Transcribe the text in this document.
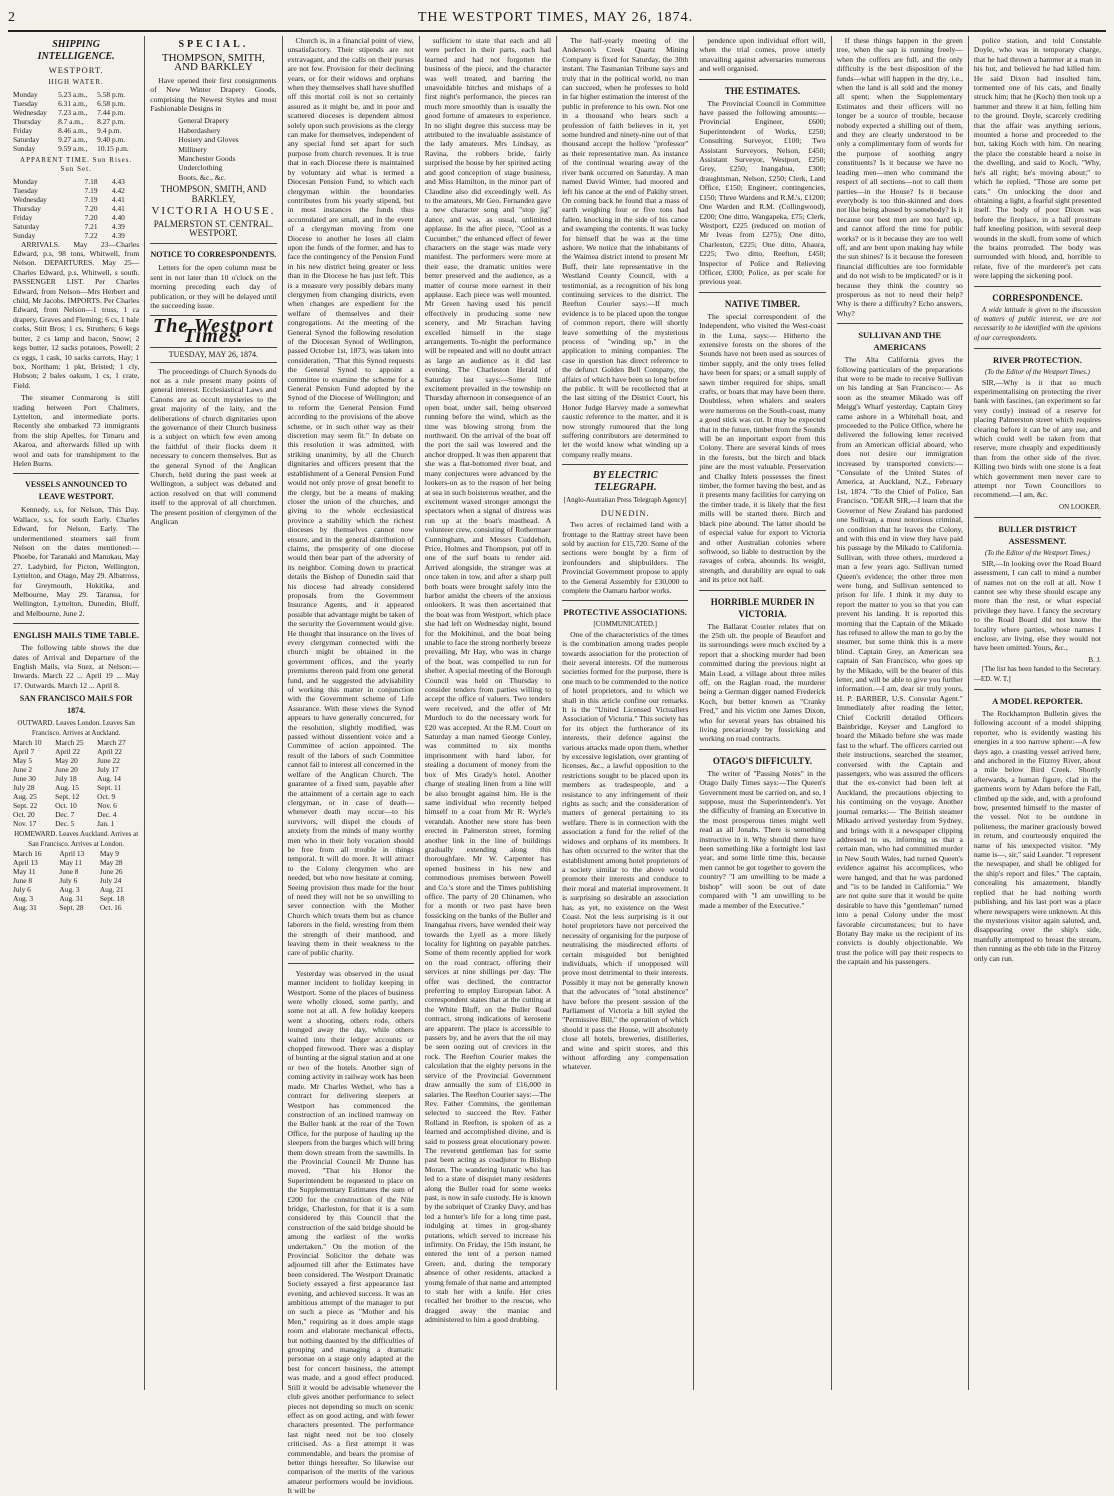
2	THE WESTPORT TIMES, MAY 26, 1874.
SHIPPING INTELLIGENCE.
WESTPORT.
HIGH WATER.
Monday	5.23 a.m.,	5.58 p.m.
Tuesday	6.31 a.m.,	6.58 p.m.
Wednesday	7.23 a.m.,	7.44 p.m.
Thursday	8.7 a.m.,	8.27 p.m.
Friday	8.46 a.m.,	9.4 p.m.
Saturday	9.27 a.m.,	9.40 p.m.
Sunday	9.59 a.m.,	10.15 p.m.
APPARENT TIME. Sun Rises. Sun Set.
Monday	7.18	4.43
Tuesday	7.19	4.42
Wednesday	7.19	4.41
Thursday	7.20	4.41
Friday	7.20	4.40
Saturday	7.21	4.39
Sunday	7.22	4.39

ARRIVALS. May 23—Charles Edward, p.s, 98 tons, Whitwell, from Nelson. DEPARTURES. May 25—Charles Edward, p.s, Whitwell, s south. PASSENGER LIST. Per Charles Edward, from Nelson—Mrs Herbert and child, Mr Jacobs. IMPORTS. Per Charles Edward, from Nelson—1 truss, 1 ca drapery, Graves and Fleming; 6 cs, 1 bale corks, Stitt Bros; 1 cs, Struthers; 6 kegs butter, 2 cs lamp and bacon, Snow; 2 kegs butter, 12 sacks potatoes, Powell; 2 cs eggs, 1 cask, 10 sacks carrots, Hay; 1 box, Northam; 1 pkt, Bristed; 1 cly, Hobson; 2 bales oakum, 1 cs, 1 crate, Field.

The steamer Conmarong is still trading between Port Chalmers, Lyttelton, and intermediate ports. Recently she embarked 73 immigrants from the ship Apelles, for Timaru and Akaroa, and afterwards filled up with wool and oats for transhipment to the Helen Burns.

VESSELS ANNOUNCED TO LEAVE WESTPORT.

Kennedy, s.s, for Nelson, This Day. Wallace, s.s, for south Early. Charles Edward, for Nelson, Early. The undermentioned steamers sail from Nelson on the dates mentioned:— Phoebe, for Taranaki and Manukau, May 27. Ladybird, for Picton, Wellington, Lyttelton, and Otago, May 29. Albatross, for Greymouth, Hokitika, and Melbourne, May 29. Taranua, for Wellington, Lyttelton, Dunedin, Bluff, and Melbourne, June 2.

ENGLISH MAILS TIME TABLE.

The following table shows the due dates of Arrival and Departure of the English Mails, via Suez, at Nelson:— Inwards. March 22 ... April 19 ... May 17. Outwards. March 12 ... April 8.

SAN FRANCISCO MAILS FOR 1874.
OUTWARD. Leaves London. Leaves San Francisco. Arrives at Auckland.
March 10	March 25	March 27
April 7	April 22	April 22
May 5	May 20	June 22
June 2	June 20	July 17
June 30	July 18	Aug. 14
July 28	Aug. 15	Sept. 11
Aug. 25	Sept. 12	Oct. 9
Sept. 22	Oct. 10	Nov. 6
Oct. 20	Dec. 7	Dec. 4
Nov. 17	Dec. 5	Jan. 1
HOMEWARD. Leaves Auckland. Arrives at San Francisco. Arrives at London.
March 16	April 13	May 9
April 13	May 11	May 28
May 11	June 8	June 26
June 8	July 6	July 24
July 6	Aug. 3	Aug. 21
Aug. 3	Aug. 31	Sept. 18
Aug. 31	Sept. 28	Oct. 16
SPECIAL.
THOMPSON, SMITH, AND BARKLEY

Have opened their first consignments of New Winter Drapery Goods, comprising the Newest Styles and most Fashionable Designs in

General Drapery
Haberdashery
Hosiery and Gloves
Millinery
Manchester Goods
Underclothing
Boots, &c., &c.
THOMPSON, SMITH, AND BARKLEY,
VICTORIA HOUSE.
PALMERSTON ST. CENTRAL. WESTPORT.
NOTICE TO CORRESPONDENTS.

Letters for the open column must be sent in not later than 10 o'clock on the morning preceding each day of publication, or they will be delayed until the succeeding issue.

The Westport Times.
TUESDAY, MAY 26, 1874.

The proceedings of Church Synods do not as a rule present many points of general interest. Ecclesiastical Laws and Canons are as occult mysteries to the great majority of the laity, and the deliberations of church dignitaries upon the governance of their Church business is a subject on which few even among the faithful of their flocks deem it necessary to concern themselves. But as the general Synod of the Anglican Church, held during the past week at Wellington, a subject was debated and action resolved on that will commend itself to the approval of all churchmen. The present position of clergymen of the Anglican

Church is, in a financial point of view, unsatisfactory. Their stipends are not extravagant, and the calls on their purses are not few. Provision for their declining years, or for their widows and orphans when they themselves shall have shuffled off this mortal coil is not so certainly assured as it might be, and in poor and scattered dioceses is dependent almost solely upon such provisions as the clergy can make for themselves, independent of any special fund set apart for such purpose from church revenues. It is true that in each Diocese there is maintained by voluntary aid what is termed a Diocesan Pension Fund, to which each clergyman within the boundaries contributes from his yearly stipend, but in most instances the funds thus accumulated are small, and in the event of a clergyman moving from one Diocese to another he loses all claim upon the funds of the former, and has to face the contingency of the Pension Fund in his new district being greater or less than in the Diocese he has just left. This is a measure very possibly debars many clergymen from changing districts, even when changes are expedient for the welfare of themselves and their congregations. At the meeting of the General Synod the following resolution of the Diocesan Synod of Wellington, passed October 1st, 1873, was taken into consideration, "That this Synod requests the General Synod to appoint a committee to examine the scheme for a General Pension Fund adopted by the Synod of the Diocese of Wellington; and to reform the General Pension Fund according to the provisions of the above scheme, or in such other way as their discretion may seem fit." In debate on this resolution it was admitted, with striking unanimity, by all the Church dignitaries and officers present that the establishment of a General Pension Fund would not only prove of great benefit to the clergy, but be a means of making closer the union of the churches, and giving to the whole ecclesiastical province a stability which the richest dioceses by themselves cannot now ensure, and in the general distribution of claims, the prosperity of one diocese would then bear part of the adversity of its neighbor. Coming down to practical details the Bishop of Dunedin said that his diocese had already considered proposals from the Government Insurance Agents, and it appeared possible that advantage might be taken of the security the Government would give. He thought that insurance on the lives of every clergyman connected with the church might be obtained in the government offices, and the yearly premiums thereon paid from one general fund, and he suggested the advisability of working this matter in conjunction with the Government scheme of Life Assurance. With these views the Synod appears to have generally concurred, for the resolution, slightly modified, was passed without dissentient voice and a Committee of action appointed. The result of the labors of such Committee cannot fail to interest all concerned in the welfare of the Anglican Church. The guarantee of a fixed sum, payable after the attainment of a certain age to each clergyman, or in case of death—whenever death may occur—to his survivors, will dispel the clouds of anxiety from the minds of many worthy men who in their holy vocation should be free from all trouble in things temporal. It will do more. It will attract to the Colony clergymen who are needed, but who now hesitate at coming. Seeing provision thus made for the hour of need they will not be so unwilling to sever connection with the Mother Church which treats them but as chance laborers in the field, wresting from them the strength of their manhood, and leaving them in their weakness to the care of public charity.

Yesterday was observed in the usual manner incident to holiday keeping in Westport. Some of the places of business were wholly closed, some partly, and some not at all. A few holiday keepers went a shooting, others rode, others lounged away the day, while others waited into their ledger accounts or chopped firewood. There was a display of bunting at the signal station and at one or two of the hotels. Another sign of coming activity in railway work has been made. Mr Charles Wethel, who has a contract for delivering sleepers at Westport has commenced the construction of an inclined tramway on the Buller bank at the rear of the Town Office, for the purpose of hauling up the sleepers from the barges which will bring them down stream from the sawmills. In the Provincial Council Mr Dunne has moved, "That his Honor the Superintendent be requested to place on the Supplementary Estimates the sum of £200 for the construction of the Nile bridge, Charleston, for that it is a sum considered by this Council that the construction of the said bridge should be among the earliest of the works undertaken." On the motion of the Provincial Solicitor the debate was adjourned till after the Estimates have been considered. The Westport Dramatic Society essayed a first appearance last evening, and achieved success. It was an ambitious attempt of the manager to put on such a piece as "Mother and his Men," requiring as it does ample stage room and elaborate mechanical effects, but nothing daunted by the difficulties of grouping and managing a dramatic personae on a stage only adapted at the best for concert business, the attempt was made, and a good effect produced. Still it would be advisable whenever the club gives another performance to select pieces not depending so much on scenic effect as on good acting, and with fewer characters presented. The performance last night need not be too closely criticised. As a first attempt it was commendable, and bears the promise of better things hereafter. So likewise our comparison of the merits of the various amateur performers would be invidious. It will be

sufficient to state that each and all were perfect in their parts, each had learned and had not forgotten the business of the piece, and the character was well treated, and barring the unavoidable hitches and mishaps of a first night's performance, the pieces ran much more smoothly than is usually the good fortune of amateurs to experience. In no slight degree this success may be attributed to the invaluable assistance of the lady amateurs. Mrs Lindsay, as Ravina, the robbers bride, fairly surprised the house by her spirited acting and good conception of stage business, and Miss Hamilton, in the minor part of Claudine also did exceedingly well. As to the amateurs, Mr Geo. Fernandez gave a new character song and "stop jig" dance, and was, as usual, unlimited applause. In the after piece, "Cool as a Cucumber," the enhanced effect of fewer characters on the stage was made very manifest. The performers were more at their ease, the dramatic unities were better preserved and the audience, as a matter of course more earnest in their applause. Each piece was well mounted. Mr Green having used his pencil effectively in producing some new scenery, and Mr Strachan having excelled himself in the stage arrangements. To-night the performance will be repeated and will no doubt attract as large an audience as it did last evening. The Charleston Herald of Saturday last says:—Some little excitement prevailed in the township on Thursday afternoon in consequence of an open boat, under sail, being observed running before the wind, which as the time was blowing strong from the northward. On the arrival of the boat off the port the sail was lowered and the anchor dropped. It was then apparent that she was a flat-bottomed river boat, and many conjectures were advanced by the lookers-on as to the reason of her being at sea in such boisterous weather, and the excitement waxed stronger amongst the spectators when a signal of distress was run up at the boat's masthead. A volunteer crew, consisting of Rothermaer Cunningham, and Messrs Cuddeboh, Price, Holmes and Thompson, put off in one of the surf boats to render aid. Arrived alongside, the stranger was at once taken in tow, and after a sharp pull both boats were brought safely into the harbor amidst the cheers of the anxious onlookers. It was then ascertained that the boat was from Westport, which place she had left on Wednesday night, bound for the Mokihinui, and the boat being unable to face the strong northerly breeze prevailing, Mr Hay, who was in charge of the boat, was compelled to run for shelter. A special meeting of the Borough Council was held on Thursday to consider tenders from parties willing to accept the office of valuers. Two tenders were received, and the offer of Mr Murdoch to do the necessary work for £20 was accepted. At the R.M. Court on Saturday a man named George Conley, was committed to six months imprisonment with hard labor, for stealing a document of money from the box of Mrs Grady's hotel. Another charge of stealing linen from a line will be also brought against him. He is the same individual who recently helped himself to a coat from Mr R. Wyrle's verandah. Another new store has been erected in Palmerston street, forming another link in the line of buildings gradually extending along this thoroughfare. Mr W. Carpenter has opened business in his new and commodious premises between Powell and Co.'s store and the Times publishing office. The party of 20 Chinamen, who for a month or two past have been fossicking on the banks of the Buller and Inangahua rivers, have wended their way towards the Lyell as a more likely locality for lighting on payable patches. Some of them recently applied for work on the road contract, offering their services at nine shillings per day. The offer was declined, the contractor preferring to employ European labor. A correspondent states that at the cutting at the White Bluff, on the Buller Road contract, strong indications of kerosene are apparent. The place is accessible to passers by, and he avers that the oil may be seen oozing out of crevices in the rock. The Reefton Courier makes the calculation that the eighty persons in the service of the Provincial Government draw annually the sum of £16,000 in salaries. The Reefton Courier says:—The Rev. Father Commins, the gentleman selected to succeed the Rev. Father Rolland in Reefton, is spoken of as a learned and accomplished divine, and is said to possess great elocutionary power. The reverend gentleman has for some past been acting as coadjutor to Bishop Moran. The wandering lunatic who has led to a state of disquiet many residents along the Buller road for some weeks past, is now in safe custody. He is known by the sobriquet of Cranky Davy, and has led a hunter's life for a long time past, indulging at times in grog-shanty potations, which served to increase his infirmity. On Friday, the 15th instant, he entered the tent of a person named Green, and, during the temporary absence of other residents, attacked a young female of that name and attempted to stab her with a knife. Her cries recalled her brother to the rescue, who dragged away the maniac and administered to him a good drubbing.

The half-yearly meeting of the Anderson's Creek Quartz Mining Company is fixed for Saturday, the 30th instant. The Tasmanian Tribune says and truly that in the political world, no man can succeed, when he professes to hold in far higher estimation the interest of the public in preference to his own. Not one in a thousand who hears such a profession of faith believes in it, yet some hundred and ninety-nine out of that thousand accept the hollow "professor" as their representative man. As instance of the continual wearing away of the river bank occurred on Saturday. A man named David Winter, had moored and left his canoe at the end of Pakihy street. On coming back he found that a mass of earth weighing four or five tons had fallen, knocking in the side of his canoe and swamping the contents. It was lucky for himself that he was at the time ashore. We notice that the inhabitants of the Waimea district intend to present Mr Buff, their late representative in the Westland County Council, with a testimonial, as a recognition of his long continuing services to the district. The Reefton Courier says:—If much evidence is to be placed upon the tongue of common report, there will shortly leave something of the mysterious process of "winding up," in the application to mining companies. The case in question has direct reference to the defunct Golden Bell Company, the affairs of which have been so long before the public. It will be recollected that at the last sitting of the District Court, his Honor Judge Harvey made a somewhat caustic reference to the matter, and it is now strongly rumoured that the long suffering contributors are determined to let the world know what winding up a company really means.

BY ELECTRIC TELEGRAPH.
[Anglo-Australian Press Telegraph Agency]
DUNEDIN.

Two acres of reclaimed land with a frontage to the Rattray street have been sold by auction for £15,720. Some of the sections were bought by a firm of ironfounders and shipbuilders. The Provincial Government propose to apply to the General Assembly for £30,000 to complete the Oamaru harbor works.

PROTECTIVE ASSOCIATIONS.
[COMMUNICATED.]

One of the characteristics of the times is the combination among trades people towards association for the protection of their several interests. Of the numerous societies formed for the purpose, there is one much to be commended to the notice of hotel proprietors, and to which we shall in this article confine our remarks. It is the "United Licensed Victuallers Association of Victoria." This society has for its object the furtherance of its interests, their defence against the various attacks made upon them, whether by excessive legislation, over granting of licenses, &c., a lawful opposition to the restrictions sought to be placed upon its members as tradespeople, and a resistance to any infringement of their rights as such; and the consideration of matters of general pertaining to its welfare. There is in connection with the association a fund for the relief of the widows and orphans of its members. It has often occurred to the writer that the establishment among hotel proprietors of a society similar to the above would promote their interests and conduce to their moral and material improvement. It is surprising so desirable an association has, as yet, no existence on the West Coast. Not the less surprising is it our hotel proprietors have not perceived the necessity of organising for the purpose of neutralising the misdirected efforts of certain misguided but benighted individuals, which if unopposed will prove most detrimental to their interests. Possibly it may not be generally known that the advocates of "total abstinence" have before the present session of the Parliament of Victoria a bill styled the "Permissive Bill," the operation of which should it pass the House, will absolutely close all hotels, breweries, distilleries, and wine and spirit stores, and this without affording any compensation whatever.

pendence upon individual effort will, when the trial comes, prove utterly unavailing against adversaries numerous and well organised.

THE ESTIMATES.

The Provincial Council in Committee have passed the following amounts:— Provincial Engineer, £600; Superintendent of Works, £250; Consulting Surveyor, £100; Two Assistant Surveyors, Nelson, £450; Assistant Surveyor, Westport, £250; Grey, £250; Inangahua, £300; draughtsman, Nelson, £250; Clerk, Land Office, £150; Engineer, contingencies, £150; Three Wardens and R.M.'s, £1200; One Warden and R.M. (Collingwood), £200; One ditto, Wangapeka, £75; Clerk, Westport, £225 (reduced on motion of Mr Iveas from £275); One ditto, Charleston, £225; One ditto, Ahaura, £225; Two ditto, Reefton, £450; Inspector of Police and Relieving Officer, £300; Police, as per scale for previous year.

NATIVE TIMBER.

The special correspondent of the Independent, who visited the West-coast in the Luna, says:— Hitherto the extensive forests on the shores of the Sounds have not been used as sources of timber supply, and the only trees felled have been for spars; or a small supply of sawn timber required for ships, small crafts, or boats that may have been there. Doubtless, when whalers and sealers were numerous on the South-coast, many a good stick was cut. It may be expected that in the future, timber from the Sounds will be an important export from this Colony. There are several kinds of trees in the forests, but the birch and black pine are the most valuable. Preservation and Chalky Inlets possesses the finest timber, the former having the best, and as it presents many facilities for carrying on the timber trade, it is likely that the first mills will be started there. Birch and black pine abound. The latter should be of especial value for export to Victoria and other Australian colonies where softwood, so liable to destruction by the ravages of cobra, abounds. Its weight, strength, and durability are equal to oak and its price not half.

HORRIBLE MURDER IN VICTORIA.

The Ballarat Courier relates that on the 25th ult. the people of Beaufort and its surroundings were much excited by a report that a shocking murder had been committed during the previous night at Main Lead, a village about three miles off, on the Raglan road, the murderer being a German digger named Frederick Koch, but better known as "Cranky Fred," and his victim one James Dixon, who for several years has obtained his living precariously by fossicking and working on road contracts.

OTAGO'S DIFFICULTY.

The writer of "Passing Notes" in the Otago Daily Times says:—The Queen's Government must be carried on, and so, I suppose, must the Superintendent's. Yet the difficulty of framing an Executive in the most prosperous times might well read as all Jonahs. There is something instructive in it. Why should there have been something like a fortnight lost last year, and some little time this, because men cannot be got together to govern the country? "I am unwilling to be made a bishop" will soon be out of date compared with "I am unwilling to be made a member of the Executive."

If these things happen in the green tree, when the sap is running freely—when the coffers are full, and the only difficulty is the best disposition of the funds—what will happen in the dry, i.e., when the land is all sold and the money all spent; when the Supplementary Estimates and their officers will no longer be a source of trouble, because nobody expected a shilling out of them, and they are clearly understood to be only a complimentary form of words for the purpose of soothing angry constituents? Is it because we have no leading men—men who command the respect of all sections—not to call them parties—in the House? Is it because everybody is too thin-skinned and does not like being abused by somebody? Is it because our best men are too hard up, and cannot afford the time for public works? or is it because they are too well off, and are bent upon making hay while the sun shines? Is it because the foreseen financial difficulties are too formidable and do not wish to be implicated? or is it because they think the country so prosperous as not to need their help? Why is there a difficulty? Echo answers, Why?

SULLIVAN AND THE AMERICANS

The Alta California gives the following particulars of the preparations that were to be made to receive Sullivan on his landing at San Francisco:— As soon as the steamer Mikado was off Meigg's Wharf yesterday, Captain Grey came ashore in a Whitehall boat, and proceeded to the Police Office, where he delivered the following letter received from an American official aboard, who does not desire our immigration increased by transported convicts:— "Consulate of the United States of America, at Auckland, N.Z., February 1st, 1874. "To the Chief of Police, San Francisco. "DEAR SIR,—I learn that the Governor of New Zealand has pardoned one Sullivan, a most notorious criminal, on condition that he leaves the Colony, and with this end in view they have paid his passage by the Mikado to California. Sullivan, with three others, murdered a man a few years ago. Sullivan turned Queen's evidence; the other three men were hung, and Sullivan sentenced to prison for life. I think it my duty to report the matter to you so that you can prevent his landing. It is reported this morning that the Captain of the Mikado has refused to allow the man to go by the steamer, but some think this is a mere blind. Captain Grey, an American sea captain of San Francisco, who goes up by the Mikado, will be the bearer of this letter, and will be able to give you further information.—I am, dear sir truly yours, H. P. BARBER, U.S. Consular Agent." Immediately after reading the letter, Chief Cockrill detailed Officers Bainbridge, Keyser and Langford to board the Mikado before she was made fast to the wharf. The officers carried out their instructions, searched the steamer, conversed with the Captain and passengers, who was assured the officers that the ex-convict had been left at Auckland, the precautions objecting to his continuing on the voyage. Another journal remarks:— The British steamer Mikado arrived yesterday from Sydney, and brings with it a newspaper clipping addressed to us, informing us that a certain man, who had committed murder in New South Wales, had turned Queen's evidence against his accomplices, who were hanged, and that he was pardoned and "is to be landed in California." We are not quite sure that it would be quite desirable to have this "gentleman" turned into a penal Colony under the most favorable circumstances; but to have Botany Bay make us the recipient of its convicts is doubly objectionable. We trust the police will pay their respects to the captain and his passengers.

police station, and told Constable Doyle, who was in temporary charge, that he had thrown a hammer at a man in his hut, and believed he had killed him. He said Dixon had insulted him, tormented one of his cats, and finally struck him; that he (Koch) then took up a hammer and threw it at him, felling him to the ground. Doyle, scarcely crediting that the affair was anything serious, mounted a horse and proceeded to the hut, taking Koch with him. On nearing the place the constable heard a noise in the dwelling, and said to Koch, "Why, he's all right; he's moving about;" to which he replied, "Those are some pet cats." On unlocking the door and obtaining a light, a fearful sight presented itself. The body of poor Dixon was before the fireplace, in a half prostrate half kneeling position, with several deep wounds in the skull, from some of which the brains protruded. The body was surrounded with blood, and, horrible to relate, five of the murderer's pet cats were lapping the sickening pool.

CORRESPONDENCE.

A wide latitude is given to the discussion of matters of public interest, we are not necessarily to be identified with the opinions of our correspondents.

RIVER PROTECTION.
(To the Editor of the Westport Times.)

SIR,—Why is it that so much experimentalising on protecting the river bank with fascines, (an experiment so far very costly) instead of a reserve for placing Palmerston street which requires clearing before it can be of any use, and which could well be taken from that reserve, more cheaply and expeditiously than from the other side of the river. Killing two birds with one stone is a feat which government men never care to attempt nor Town Councillors to recommend.—I am, &c.

ON LOOKER.
BULLER DISTRICT ASSESSMENT.
(To the Editor of the Westport Times.)

SIR,—In looking over the Road Board assessment, I can call to mind a number of names not on the roll at all. Now I cannot see why these should escape any more than the rest, or what especial privilege they have. I fancy the secretary to the Road Board did not know the locality where parties, whose names I enclose, are living, else they would not have been omitted. Yours, &c.,

B. J.

[The list has been handed to the Secretary.—ED. W. T.]

A MODEL REPORTER.

The Rockhampton Bulletin gives the following account of a model shipping reporter, who is evidently wasting his energies in a too narrow sphere:—A few days ago, a coasting vessel arrived here, and anchored in the Fitzroy River, about a mile below Bird Creek. Shortly afterwards, a human figure, clad in the garments worn by Adam before the Fall, climbed up the side, and, with a profound bow, presented himself to the master of the vessel. Not to be outdone in politeness, the mariner graciously bowed in return, and courteously enquired the name of his unexpected visitor. "My name is—, sir," said Leander. "I represent the newspaper, and shall be obliged for the ship's report and files." The captain, concealing his amazement, blandly replied that he had nothing worth publishing, and his last port was a place where newspapers were unknown. At this the mysterious visitor again saluted, and, disappearing over the ship's side, manfully attempted to breast the stream, then running as the ebb tide in the Fitzroy only can run.
